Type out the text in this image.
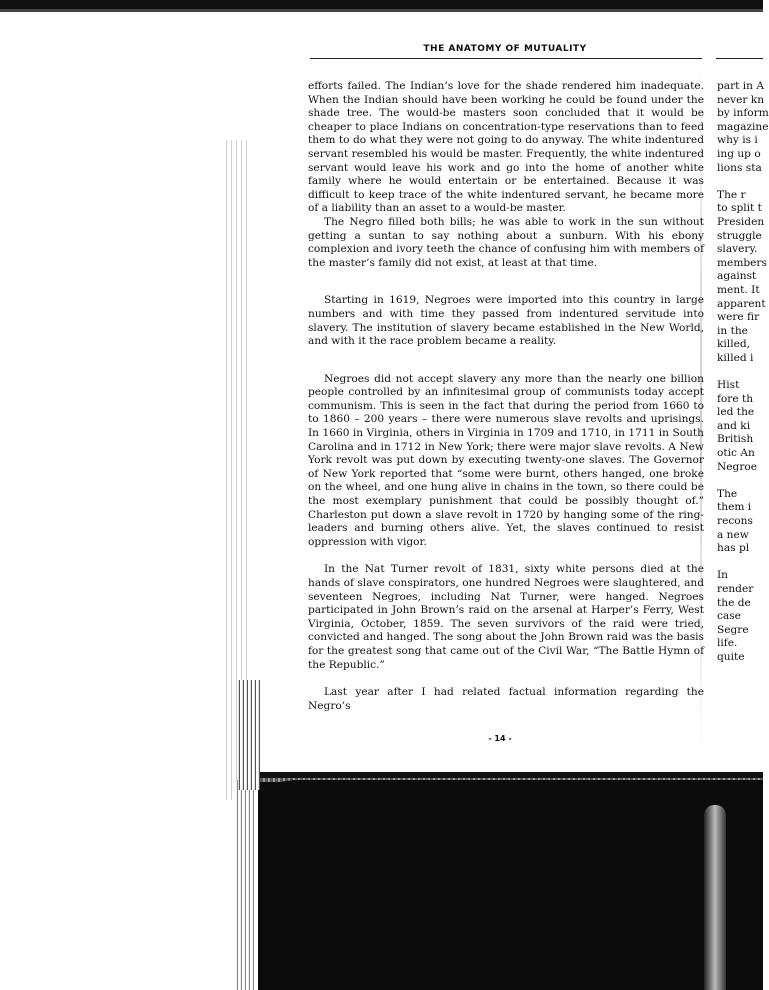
THE ANATOMY OF MUTUALITY

efforts failed. The Indian’s love for the shade rendered him inadequate. When the Indian should have been working he could be found under the shade tree. The would-be masters soon concluded that it would be cheaper to place Indians on concentration-type reservations than to feed them to do what they were not going to do anyway. The white indentured servant resembled his would be master. Frequently, the white indentured servant would leave his work and go into the home of another white family where he would entertain or be entertained. Because it was difficult to keep trace of the white indentured servant, he became more of a liability than an asset to a would-be master.

The Negro filled both bills; he was able to work in the sun without getting a suntan to say nothing about a sunburn. With his ebony complexion and ivory teeth the chance of confusing him with members of the master’s family did not exist, at least at that time.

Starting in 1619, Negroes were imported into this country in large numbers and with time they passed from indentured servitude into slavery. The institution of slavery became established in the New World, and with it the race problem became a reality.

Negroes did not accept slavery any more than the nearly one billion people controlled by an infinitesimal group of communists today accept communism. This is seen in the fact that during the period from 1660 to to 1860 – 200 years – there were numerous slave revolts and uprisings. In 1660 in Virginia, others in Virginia in 1709 and 1710, in 1711 in South Carolina and in 1712 in New York; there were major slave revolts. A New York revolt was put down by executing twenty-one slaves. The Governor of New York reported that “some were burnt, others hanged, one broke on the wheel, and one hung alive in chains in the town, so there could be the most exemplary punishment that could be possibly thought of.” Charleston put down a slave revolt in 1720 by hanging some of the ring-leaders and burning others alive. Yet, the slaves continued to resist oppression with vigor.

In the Nat Turner revolt of 1831, sixty white persons died at the hands of slave conspirators, one hundred Negroes were slaughtered, and seventeen Negroes, including Nat Turner, were hanged. Negroes participated in John Brown’s raid on the arsenal at Harper’s Ferry, West Virginia, October, 1859. The seven survivors of the raid were tried, convicted and hanged. The song about the John Brown raid was the basis for the greatest song that came out of the Civil War, “The Battle Hymn of the Republic.”

Last year after I had related factual information regarding the Negro’s

- 14 -
part in A
never kn
by inform
magazine
why is i
ing up o
lions sta
The r
to split t
Presiden
struggle
slavery.
members
against
ment. It
apparent
were fir
in the
killed,
killed i
Hist
fore th
led the
and ki
British
otic An
Negroe
The
them i
recons
a new
has pl
In
render
the de
case
Segre
life.
quite
